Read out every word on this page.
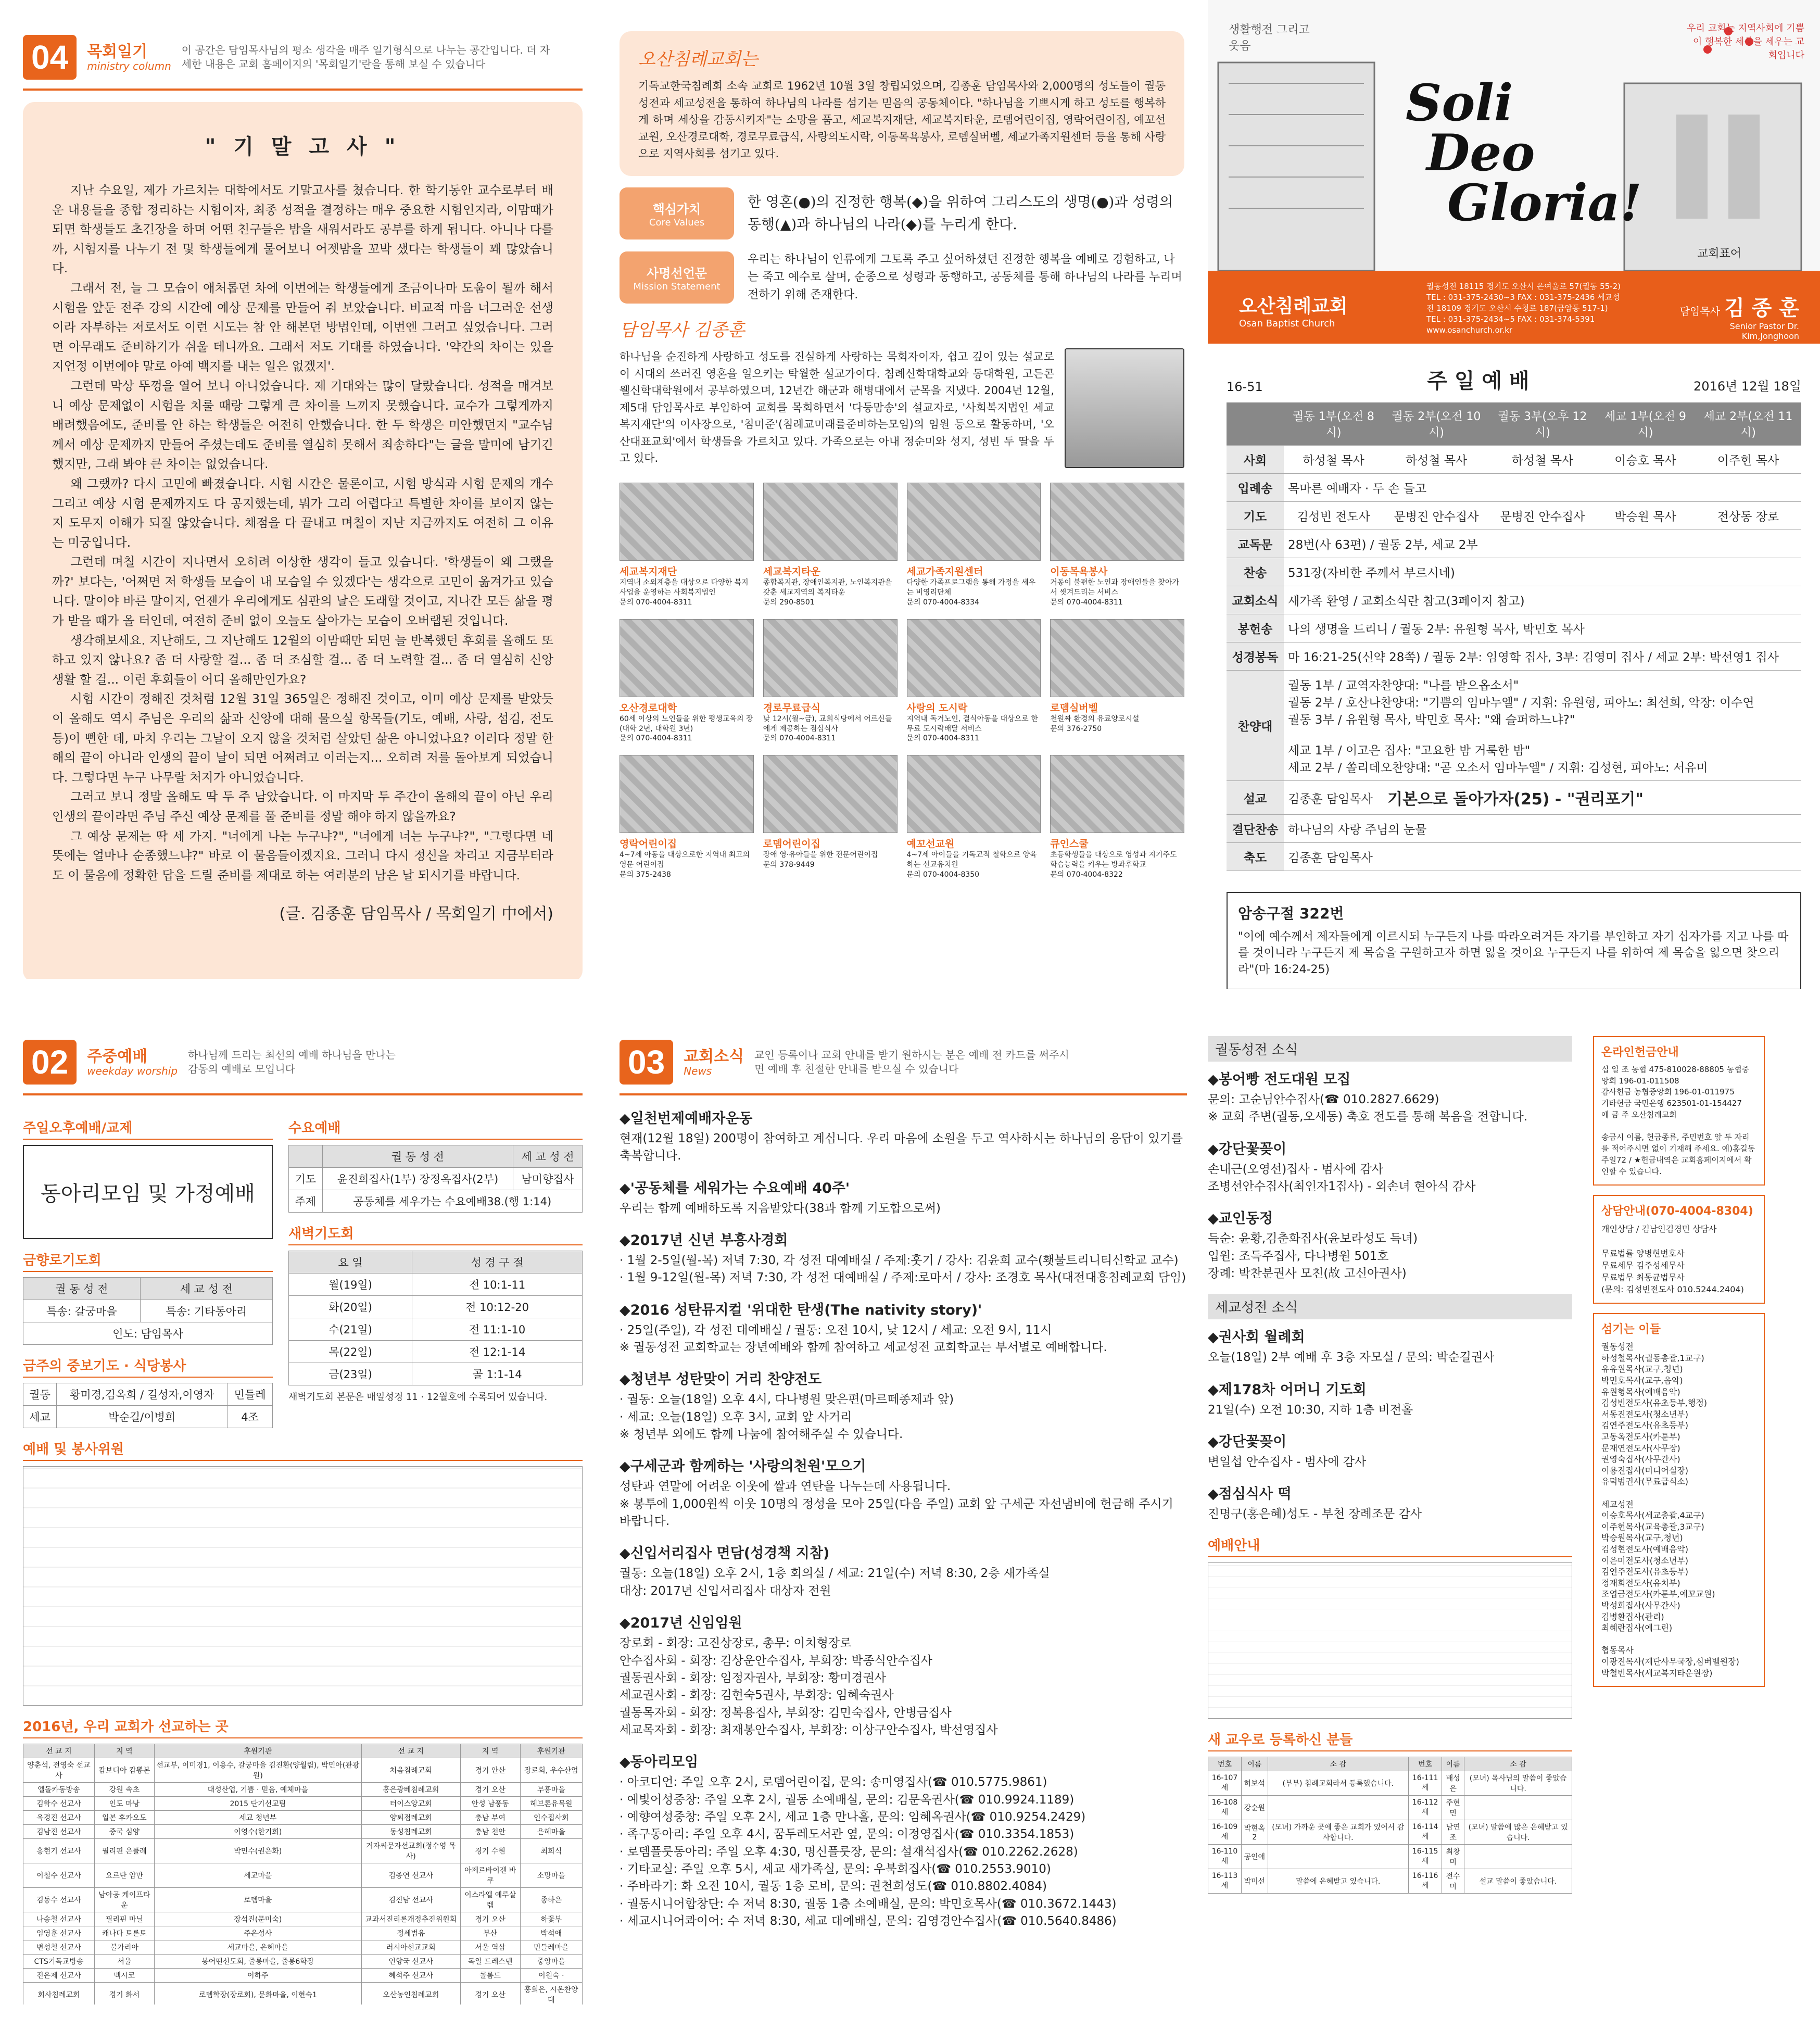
04	목회일기
ministry column
이 공간은 담임목사님의 평소 생각을 매주 일기형식으로 나누는 공간입니다. 더 자세한 내용은 교회 홈페이지의 '목회일기'란을 통해 보실 수 있습니다
" 기 말 고 사 "

지난 수요일, 제가 가르치는 대학에서도 기말고사를 쳤습니다. 한 학기동안 교수로부터 배운 내용들을 종합 정리하는 시험이자, 최종 성적을 결정하는 매우 중요한 시험인지라, 이맘때가 되면 학생들도 초긴장을 하며 어떤 친구들은 밤을 새워서라도 공부를 하게 됩니다. 아니나 다를까, 시험지를 나누기 전 몇 학생들에게 물어보니 어젯밤을 꼬박 샜다는 학생들이 꽤 많았습니다.

그래서 전, 늘 그 모습이 애처롭던 차에 이번에는 학생들에게 조금이나마 도움이 될까 해서 시험을 앞둔 전주 강의 시간에 예상 문제를 만들어 줘 보았습니다. 비교적 마음 너그러운 선생이라 자부하는 저로서도 이런 시도는 참 안 해본던 방법인데, 이번엔 그러고 싶었습니다. 그러면 아무래도 준비하기가 쉬울 테니까요. 그래서 저도 기대를 하였습니다. '약간의 차이는 있을지언정 이번에야 말로 아예 백지를 내는 일은 없겠지'.

그런데 막상 뚜껑을 열어 보니 아니었습니다. 제 기대와는 많이 달랐습니다. 성적을 매겨보니 예상 문제없이 시험을 치룰 때랑 그렇게 큰 차이를 느끼지 못했습니다. 교수가 그렇게까지 배려했음에도, 준비를 안 하는 학생들은 여전히 안했습니다. 한 두 학생은 미안했던지 "교수님께서 예상 문제까지 만들어 주셨는데도 준비를 열심히 못해서 죄송하다"는 글을 말미에 남기긴 했지만, 그래 봐야 큰 차이는 없었습니다.

왜 그랬까? 다시 고민에 빠졌습니다. 시험 시간은 물론이고, 시험 방식과 시험 문제의 개수 그리고 예상 시험 문제까지도 다 공지했는데, 뭐가 그리 어렵다고 특별한 차이를 보이지 않는 지 도무지 이해가 되질 않았습니다. 채점을 다 끝내고 며칠이 지난 지금까지도 여전히 그 이유는 미궁입니다.

그런데 며칠 시간이 지나면서 오히려 이상한 생각이 들고 있습니다. '학생들이 왜 그랬을까?' 보다는, '어쩌면 저 학생들 모습이 내 모습일 수 있겠다'는 생각으로 고민이 옮겨가고 있습니다. 말이야 바른 말이지, 언젠가 우리에게도 심판의 날은 도래할 것이고, 지나간 모든 삶을 평가 받을 때가 올 터인데, 여전히 준비 없이 오늘도 살아가는 모습이 오버랩된 것입니다.

생각해보세요. 지난해도, 그 지난해도 12월의 이맘때만 되면 늘 반복했던 후회를 올해도 또 하고 있지 않나요? 좀 더 사랑할 걸... 좀 더 조심할 걸... 좀 더 노력할 걸... 좀 더 열심히 신앙생활 할 걸... 이런 후회들이 어디 올해만인가요?

시험 시간이 정해진 것처럼 12월 31일 365일은 정해진 것이고, 이미 예상 문제를 받았듯이 올해도 역시 주님은 우리의 삶과 신앙에 대해 물으실 항목들(기도, 예배, 사랑, 섬김, 전도 등)이 뻔한 데, 마치 우리는 그날이 오지 않을 것처럼 살았던 삶은 아니었나요? 이러다 정말 한 해의 끝이 아니라 인생의 끝이 날이 되면 어쩌려고 이러는지... 오히려 저를 돌아보게 되었습니다. 그렇다면 누구 나무랄 처지가 아니었습니다.

그러고 보니 정말 올해도 딱 두 주 남았습니다. 이 마지막 두 주간이 올해의 끝이 아닌 우리 인생의 끝이라면 주님 주신 예상 문제를 풀 준비를 정말 해야 하지 않을까요?

그 예상 문제는 딱 세 가지. "너에게 나는 누구냐?", "너에게 너는 누구냐?", "그렇다면 네 뜻에는 얼마나 순종했느냐?" 바로 이 물음들이겠지요. 그러니 다시 정신을 차리고 지금부터라도 이 물음에 정확한 답을 드릴 준비를 제대로 하는 여러분의 남은 날 되시기를 바랍니다.

(글. 김종훈 담임목사 / 목회일기 中에서)
오산침례교회는
기독교한국침례회 소속 교회로 1962년 10월 3일 창립되었으며, 김종훈 담임목사와 2,000명의 성도들이 궐동성전과 세교성전을 통하여 하나님의 나라를 섬기는 믿음의 공동체이다. "하나님을 기쁘시게 하고 성도를 행복하게 하며 세상을 감동시키자"는 소망을 품고, 세교복지재단, 세교복지타운, 로뎀어린이집, 영락어린이집, 예꼬선교원, 오산경로대학, 경로무료급식, 사랑의도시락, 이동목욕봉사, 로뎀실버벨, 세교가족지원센터 등을 통해 사랑으로 지역사회를 섬기고 있다.
핵심가치
Core Values
한 영혼(●)의 진정한 행복(◆)을 위하여 그리스도의 생명(●)과 성령의 동행(▲)과 하나님의 나라(◆)를 누리게 한다.
사명선언문
Mission Statement
우리는 하나님이 인류에게 그토록 주고 싶어하셨던 진정한 행복을 예배로 경험하고, 나는 죽고 예수로 살며, 순종으로 성령과 동행하고, 공동체를 통해 하나님의 나라를 누리며 전하기 위해 존재한다.
담임목사 김종훈
하나님을 순진하게 사랑하고 성도를 진실하게 사랑하는 목회자이자, 쉽고 깊이 있는 설교로 이 시대의 쓰러진 영혼을 일으키는 탁월한 설교가이다. 침례신학대학교와 동대학원, 고든콘웰신학대학원에서 공부하였으며, 12년간 해군과 해병대에서 군목을 지냈다. 2004년 12월, 제5대 담임목사로 부임하여 교회를 목회하면서 '다둥맘송'의 설교자로, '사회복지법인 세교복지재단'의 이사장으로, '침미준'(침례교미래를준비하는모임)의 임원 등으로 활동하며, '오산대표교회'에서 학생들을 가르치고 있다. 가족으로는 아내 정순미와 성지, 성빈 두 딸을 두고 있다.
세교복지재단
지역내 소외계층을 대상으로 다양한 복지사업을 운영하는 사회복지법인
문의 070-4004-8311
세교복지타운
종합복지관, 장애인복지관, 노인복지관을 갖춘 세교지역의 복지타운
문의 290-8501
세교가족지원센터
다양한 가족프로그램을 통해 가정을 세우는 비영리단체
문의 070-4004-8334
이동목욕봉사
거동이 불편한 노인과 장애인들을 찾아가서 씻겨드리는 서비스
문의 070-4004-8311
오산경로대학
60세 이상의 노인들을 위한 평생교육의 장(대학 2년, 대학원 3년)
문의 070-4004-8311
경로무료급식
낮 12시(월~금), 교회식당에서 어르신들에게 제공하는 점심식사
문의 070-4004-8311
사랑의 도시락
지역내 독거노인, 결식아동을 대상으로 한 무료 도시락배달 서비스
문의 070-4004-8311
로뎀실버벨
천원짜 환경의 유료양로시설
문의 376-2750
영락어린이집
4~7세 아동을 대상으로한 지역내 최고의 영문 어린이집
문의 375-2438
로뎀어린이집
장애 영·유아들을 위한 전문어린이집
문의 378-9449
예꼬선교원
4~7세 아이들을 기독교적 철학으로 양육하는 선교유치원
문의 070-4004-8350
큐인스쿨
초등학생들을 대상으로 영성과 지기주도 학습능력을 키우는 방과후학교
문의 070-4004-8322
생활행전 그리고 웃음
우리 교회는 지역사회에 기쁨이 행복한 세상을 세우는 교회입니다
Soli
Deo
Gloria!
교회표어
오산침례교회
Osan Baptist Church
궐동성전 18115 경기도 오산시 은여울로 57(궐동 55-2) TEL : 031-375-2430~3 FAX : 031-375-2436 세교성전 18109 경기도 오산시 수청로 187(금암동 517-1) TEL : 031-375-2434~5 FAX : 031-374-5391 www.osanchurch.or.kr
담임목사 김 종 훈
Senior Pastor Dr. Kim,Jonghoon
16-51	주 일 예 배	2016년 12월 18일
	궐동 1부(오전 8시)	궐동 2부(오전 10시)	궐동 3부(오후 12시)	세교 1부(오전 9시)	세교 2부(오전 11시)
사회	하성철 목사	하성철 목사	하성철 목사	이승호 목사	이주헌 목사
입례송	목마른 예배자 · 두 손 들고				
기도	김성빈 전도사	문병진 안수집사	문병진 안수집사	박승원 목사	전상동 장로
교독문	28번(사 63편) / 궐동 2부, 세교 2부				
찬송	531장(자비한 주께서 부르시네)				
교회소식	새가족 환영 / 교회소식란 참고(3페이지 참고)				
봉헌송	나의 생명을 드리니 / 궐동 2부: 유원형 목사, 박민호 목사				
성경봉독	마 16:21-25(신약 28쪽) / 궐동 2부: 임영학 집사, 3부: 김영미 집사 / 세교 2부: 박선영1 집사				
찬양대	궐동 1부 / 교역자찬양대: "나를 받으옵소서"
궐동 2부 / 호산나찬양대: "기쁨의 임마누엘" / 지휘: 유원형, 피아노: 최선희, 악장: 이수연
궐동 3부 / 유원형 목사, 박민호 목사: "왜 슬퍼하느냐?"

세교 1부 / 이고은 집사: "고요한 밤 거룩한 밤"
세교 2부 / 쏠리데오찬양대: "곧 오소서 임마누엘" / 지휘: 김성현, 피아노: 서유미				
설교	김종훈 담임목사	기본으로 돌아가자(25) - "권리포기"			
결단찬송	하나님의 사랑 주님의 눈물				
축도	김종훈 담임목사				
암송구절 322번
"이에 예수께서 제자들에게 이르시되 누구든지 나를 따라오려거든 자기를 부인하고 자기 십자가를 지고 나를 따를 것이니라 누구든지 제 목숨을 구원하고자 하면 잃을 것이요 누구든지 나를 위하여 제 목숨을 잃으면 찾으리라"(마 16:24-25)
02	주중예배
weekday worship
하나님께 드리는 최선의 예배 하나님을 만나는 감동의 예배로 모입니다
주일오후예배/교제
동아리모임 및 가정예배
금향로기도회
궐 동 성 전	세 교 성 전
특송: 갈궁마을	특송: 기타동아리
인도: 담임목사	
금주의 중보기도 · 식당봉사
궐동	황미경,김옥희 / 길성자,이영자	민들레
세교	박순길/이병희	4조
수요예배
	궐 동 성 전	세 교 성 전
기도	윤진희집사(1부) 장정옥집사(2부)	남미향집사
주제	공동체를 세우가는 수요예배38.(행 1:14)	
새벽기도회
요 일	성 경 구 절
월(19일)	전 10:1-11
화(20일)	전 10:12-20
수(21일)	전 11:1-10
목(22일)	전 12:1-14
금(23일)	골 1:1-14
새벽기도회 본문은 매일성경 11 · 12월호에 수록되어 있습니다.
예배 및 봉사위원
2016년, 우리 교회가 선교하는 곳
선 교 지	지 역	후원기관	선 교 지	지 역	후원기관
양춘석, 전영숙 선교사	캄보디아 캄뽕본	선교부, 이미경1, 이용수, 갈궁마을 김진환(양월림), 박민아(관광원)	처음침례교회	경기 안산	장로회, 우수산업
엘돌카동방송	강원 속초	대성산업, 기쁨 · 믿음, 예체마을	홍은광베침례교회	경기 오산	부흥마을
김학수 선교사	인도 마낭	2015 단기선교팀	터이스앙교회	안성 남풍동	헤브론유목원
옥경진 선교사	일본 후카오도	세교 청년부	양퇴점례교회	충남 부여	인수집사회
김남진 선교사	중국 심양	이영수(한기희)	동성침례교회	충남 천안	은혜마을
홍현기 선교사	필리핀 은플레	박민수(권은화)	거자씨문자선교회(정수영 목사)	경기 수원	최희식
이철수 선교사	요르단 암만	세교마을	김종연 선교사	아제르바이젠 바쿠	소망마을
김동수 선교사	남아공 케이프타운	로뎀마을	김진남 선교사	이스라엘 예루살렘	종하은
나송철 선교사	필리핀 마닐	장석진(문미숙)	교과서진리론개정추진위원회	경기 오산	하꽃부
임영훈 선교사	캐나다 토론토	주은성사	정세범유	부산	박석애
변성철 선교사	불가리아	세교마을, 은혜마을	러시아선교교회	서울 역삼	민들레마을
CTS기독교방송	서울	봉어떤선도회, 쥴롱마을, 쥴롱6학장	인향국 선교사	독일 드레스덴	중앙마을
진은제 선교사	멕시코	이하주	혜석주 선교사	콜롬드	이원숙 ·
회사침례교회	경기 화서	로뎀학장(장로회), 문화마을, 이현숙1	오산농인침례교회	경기 오산	홍희은, 시온찬양대
03	교회소식
News
교인 등록이나 교회 안내를 받기 원하시는 분은 예배 전 카드를 써주시면 예배 후 친절한 안내를 받으실 수 있습니다
◆일천번제예배자운동

현재(12월 18일) 200명이 참여하고 계십니다. 우리 마음에 소원을 두고 역사하시는 하나님의 응답이 있기를 축복합니다.

◆'공동체를 세워가는 수요예배 40주'

우리는 함께 예배하도록 지음받았다(38과 함께 기도합으로써)

◆2017년 신년 부흥사경회

· 1월 2-5일(월-목) 저녁 7:30, 각 성전 대예배실 / 주제:훗기 / 강사: 김윤희 교수(횃불트리니티신학교 교수)
· 1월 9-12일(월-목) 저녁 7:30, 각 성전 대예배실 / 주제:로마서 / 강사: 조경호 목사(대전대흥침례교회 담임)

◆2016 성탄뮤지컬 '위대한 탄생(The nativity story)'

· 25일(주일), 각 성전 대예배실 / 궐동: 오전 10시, 낮 12시 / 세교: 오전 9시, 11시
※ 궐동성전 교회학교는 장년예배와 함께 참여하고 세교성전 교회학교는 부서별로 예배합니다.

◆청년부 성탄맞이 거리 찬양전도

· 궐동: 오늘(18일) 오후 4시, 다나병원 맞은편(마르떼종제과 앞)
· 세교: 오늘(18일) 오후 3시, 교회 앞 사거리
※ 청년부 외에도 함께 나눔에 참여해주실 수 있습니다.

◆구세군과 함께하는 '사랑의천원'모으기

성탄과 연말에 어려운 이웃에 쌀과 연탄을 나누는데 사용됩니다.
※ 봉투에 1,000원씩 이웃 10명의 정성을 모아 25일(다음 주일) 교회 앞 구세군 자선냄비에 헌금해 주시기 바랍니다.

◆신입서리집사 면담(성경책 지참)

궐동: 오늘(18일) 오후 2시, 1층 회의실 / 세교: 21일(수) 저녁 8:30, 2층 새가족실
대상: 2017년 신입서리집사 대상자 전원

◆2017년 신임임원

장로회 - 회장: 고진상장로, 총무: 이치형장로
안수집사회 - 회장: 김상운안수집사, 부회장: 박종식안수집사
궐동권사회 - 회장: 임정자권사, 부회장: 황미경권사
세교권사회 - 회장: 김현숙5권사, 부회장: 임혜숙권사
궐동목자회 - 회장: 정복용집사, 부회장: 김민숙집사, 안병금집사
세교목자회 - 회장: 최재봉안수집사, 부회장: 이상구안수집사, 박선영집사

◆동아리모임

· 아코디언: 주일 오후 2시, 로뎀어린이집, 문의: 송미영집사(☎ 010.5775.9861)
· 예빛어성중창: 주일 오후 2시, 궐동 소예배실, 문의: 김문옥권사(☎ 010.9924.1189)
· 예향여성중창: 주일 오후 2시, 세교 1층 만나홀, 문의: 임혜옥권사(☎ 010.9254.2429)
· 족구동아리: 주일 오후 4시, 꿈두레도서관 옆, 문의: 이정영집사(☎ 010.3354.1853)
· 로뎀플룻동아리: 주일 오후 4:30, 명신플룻장, 문의: 설재석집사(☎ 010.2262.2628)
· 기타교실: 주일 오후 5시, 세교 새가족실, 문의: 우북희집사(☎ 010.2553.9010)
· 주바라기: 화 오전 10시, 궐동 1층 로비, 문의: 권천희성도(☎ 010.8802.4084)
· 궐동시니어합창단: 수 저녁 8:30, 궐동 1층 소예배실, 문의: 박민호목사(☎ 010.3672.1443)
· 세교시니어콰이어: 수 저녁 8:30, 세교 대예배실, 문의: 김영경안수집사(☎ 010.5640.8486)

궐동성전 소식
◆봉어빵 전도대원 모집

문의: 고순님안수집사(☎ 010.2827.6629)
※ 교회 주변(궐동,오세동) 축호 전도를 통해 복음을 전합니다.

◆강단꽃꽂이

손내근(오영선)집사 - 범사에 감사
조병선안수집사(최인자1집사) - 외손녀 현아식 감사

◆교인동정

득순: 윤황,김춘화집사(윤보라성도 득녀)
입원: 조득주집사, 다나병원 501호
장례: 박찬분권사 모친(故 고신아권사)

세교성전 소식
◆권사회 월례회

오늘(18일) 2부 예배 후 3층 자모실 / 문의: 박순길권사

◆제178차 어머니 기도회

21일(수) 오전 10:30, 지하 1층 비전홀

◆강단꽃꽂이

변일섭 안수집사 - 범사에 감사

◆점심식사 떡

진명구(홍은혜)성도 - 부천 장례조문 감사

예배안내
새 교우로 등록하신 분들
번호	이름	소 감	번호	이름	소 감
16-107세	허보석	(부부) 침례교회라서 등록했습니다.	16-111세	배성은	(모녀) 목사님의 말씀이 좋았습니다.
16-108세	강순원		16-112세	주현민	
16-109세	박현옥2	(모녀) 가까운 곳에 좋은 교회가 있어서 감사합니다.	16-114세	남연조	(모녀) 말씀에 많은 은혜받고 있습니다.
16-110세	공인애		16-115세	최창미	
16-113세	박미선	말씀에 은혜받고 있습니다.	16-116세	전수미	설교 말씀이 좋았습니다.
온라인헌금안내
십 일 조 농협 475-810028-88805 농협중앙회 196-01-011508
감사헌금 농협중앙회 196-01-011975
기타헌금 국민은행 623501-01-154427
예 금 주 오산침례교회

송금시 이름, 헌금종류, 주민번호 앞 두 자리를 적어주시면 없이 기재해 주세요. 예)홍길동주일72 / ★헌금내역은 교회홈페이지에서 확인할 수 있습니다.
상담안내(070-4004-8304)
개인상담 / 김남인김경민 상담사

무료법률 양병현변호사
무료세무 김주성세무사
무료법무 최동균법무사
(문의: 김성빈전도사 010.5244.2404)
섬기는 이들
궐동성전
하성철목사(궐동총괄,1교구)
유유원목사(교구,청년)
박민호목사(교구,음악)
유원형목사(예배음악)
김성빈전도사(유초등부,행정)
서동진전도사(청소년부)
김연주전도사(유초등부)
고동옥전도사(카툰부)
문재연전도사(사무장)
권영숙집사(사무간사)
이용진집사(미디어실장)
유덕범권사(무료급식소)

세교성전
이승호목사(세교총괄,4교구)
이주헌목사(교육총괄,3교구)
박승원목사(교구,청년)
김성현전도사(예배음악)
이은미전도사(청소년부)
김연주전도사(유초등부)
정재희전도사(유치부)
조엽금전도사(카툰부,예꼬교원)
박성희집사(사무간사)
김병환집사(관리)
최혜란집사(예그린)

협동목사
이광진목사(제단사무국장,심버벨원장)
박철빈목사(세교복지타운원장)
